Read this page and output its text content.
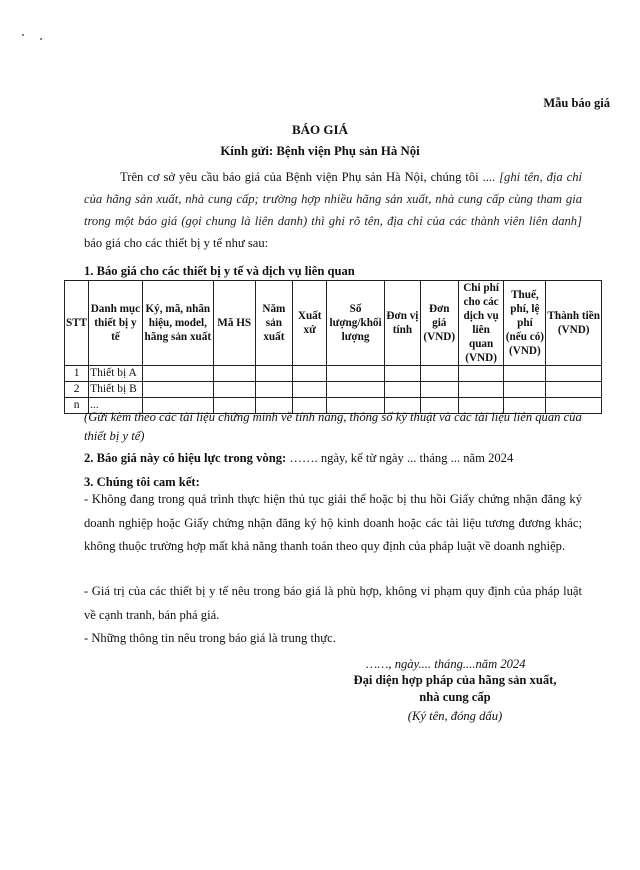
Mẫu báo giá
BÁO GIÁ
Kính gửi: Bệnh viện Phụ sản Hà Nội
Trên cơ sở yêu cầu báo giá của Bệnh viện Phụ sản Hà Nội, chúng tôi .... [ghi tên, địa chỉ của hãng sản xuất, nhà cung cấp; trường hợp nhiều hãng sản xuất, nhà cung cấp cùng tham gia trong một báo giá (gọi chung là liên danh) thì ghi rõ tên, địa chỉ của các thành viên liên danh] báo giá cho các thiết bị y tế như sau:
1. Báo giá cho các thiết bị y tế và dịch vụ liên quan
STT	Danh mục thiết bị y tế	Ký, mã, nhãn hiệu, model, hãng sản xuất	Mã HS	Năm sản xuất	Xuất xứ	Số lượng/khối lượng	Đơn vị tính	Đơn giá (VND)	Chi phí cho các dịch vụ liên quan (VND)	Thuế, phí, lệ phí (nếu có) (VND)	Thành tiền (VND)
1	Thiết bị A										
2	Thiết bị B										
n	...										
(Gửi kèm theo các tài liệu chứng minh về tính năng, thông số kỹ thuật và các tài liệu liên quan của thiết bị y tế)
2. Báo giá này có hiệu lực trong vòng: ……. ngày, kể từ ngày ... tháng ... năm 2024
3. Chúng tôi cam kết:
- Không đang trong quá trình thực hiện thủ tục giải thể hoặc bị thu hồi Giấy chứng nhận đăng ký doanh nghiệp hoặc Giấy chứng nhận đăng ký hộ kinh doanh hoặc các tài liệu tương đương khác; không thuộc trường hợp mất khả năng thanh toán theo quy định của pháp luật về doanh nghiệp.
- Giá trị của các thiết bị y tế nêu trong báo giá là phù hợp, không vi phạm quy định của pháp luật về cạnh tranh, bán phá giá.
- Những thông tin nêu trong báo giá là trung thực.
……, ngày.... tháng....năm 2024
Đại diện hợp pháp của hãng sản xuất,
nhà cung cấp
(Ký tên, đóng dấu)
